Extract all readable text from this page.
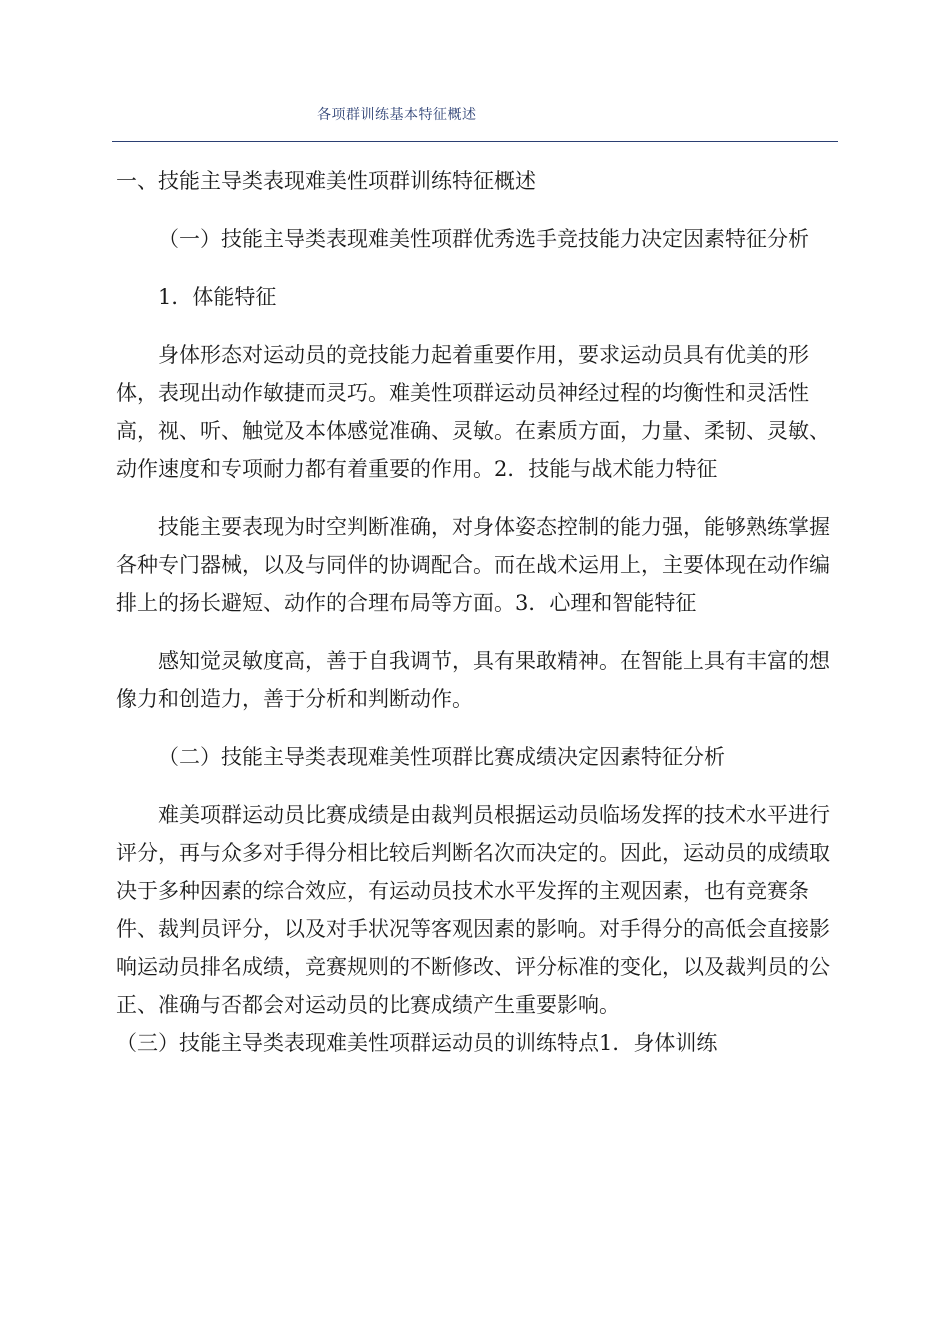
各项群训练基本特征概述

一、技能主导类表现难美性项群训练特征概述

（一）技能主导类表现难美性项群优秀选手竞技能力决定因素特征分析

1．体能特征

身体形态对运动员的竞技能力起着重要作用，要求运动员具有优美的形体，表现出动作敏捷而灵巧。难美性项群运动员神经过程的均衡性和灵活性高，视、听、触觉及本体感觉准确、灵敏。在素质方面，力量、柔韧、灵敏、动作速度和专项耐力都有着重要的作用。2．技能与战术能力特征

技能主要表现为时空判断准确，对身体姿态控制的能力强，能够熟练掌握各种专门器械，以及与同伴的协调配合。而在战术运用上，主要体现在动作编排上的扬长避短、动作的合理布局等方面。3．心理和智能特征

感知觉灵敏度高，善于自我调节，具有果敢精神。在智能上具有丰富的想像力和创造力，善于分析和判断动作。

（二）技能主导类表现难美性项群比赛成绩决定因素特征分析

难美项群运动员比赛成绩是由裁判员根据运动员临场发挥的技术水平进行评分，再与众多对手得分相比较后判断名次而决定的。因此，运动员的成绩取决于多种因素的综合效应，有运动员技术水平发挥的主观因素，也有竞赛条件、裁判员评分，以及对手状况等客观因素的影响。对手得分的高低会直接影响运动员排名成绩，竞赛规则的不断修改、评分标准的变化，以及裁判员的公正、准确与否都会对运动员的比赛成绩产生重要影响。

（三）技能主导类表现难美性项群运动员的训练特点1．身体训练
